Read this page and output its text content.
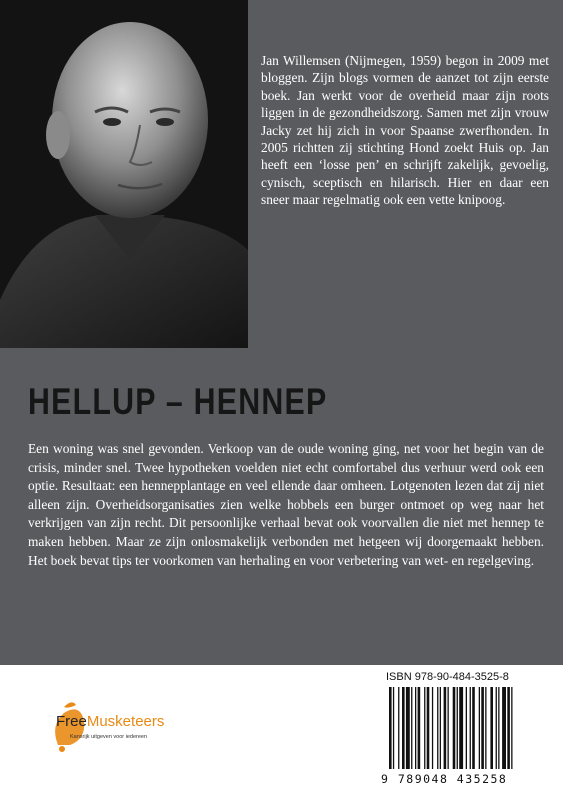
Jan Willemsen (Nijmegen, 1959) begon in 2009 met bloggen. Zijn blogs vormen de aanzet tot zijn eerste boek. Jan werkt voor de overheid maar zijn roots liggen in de gezondheidszorg. Samen met zijn vrouw Jacky zet hij zich in voor Spaanse zwerfhonden. In 2005 richtten zij stichting Hond zoekt Huis op. Jan heeft een ‘losse pen’ en schrijft zakelijk, gevoelig, cynisch, sceptisch en hilarisch. Hier en daar een sneer maar regelmatig ook een vette knipoog.

HELLUP – HENNEP

Een woning was snel gevonden. Verkoop van de oude woning ging, net voor het begin van de crisis, minder snel. Twee hypotheken voelden niet echt comfortabel dus verhuur werd ook een optie. Resultaat: een hennepplantage en veel ellende daar omheen. Lotgenoten lezen dat zij niet alleen zijn. Overheidsorganisaties zien welke hobbels een burger ontmoet op weg naar het verkrijgen van zijn recht. Dit persoonlijke verhaal bevat ook voorvallen die niet met hennep te maken hebben. Maar ze zijn onlosmakelijk verbonden met hetgeen wij doorgemaakt hebben. Het boek bevat tips ter voorkomen van herhaling en voor verbetering van wet- en regelgeving.

FreeMusketeers
Kansrijk uitgeven voor iedereen
ISBN 978-90-484-3525-8
9 789048 435258
